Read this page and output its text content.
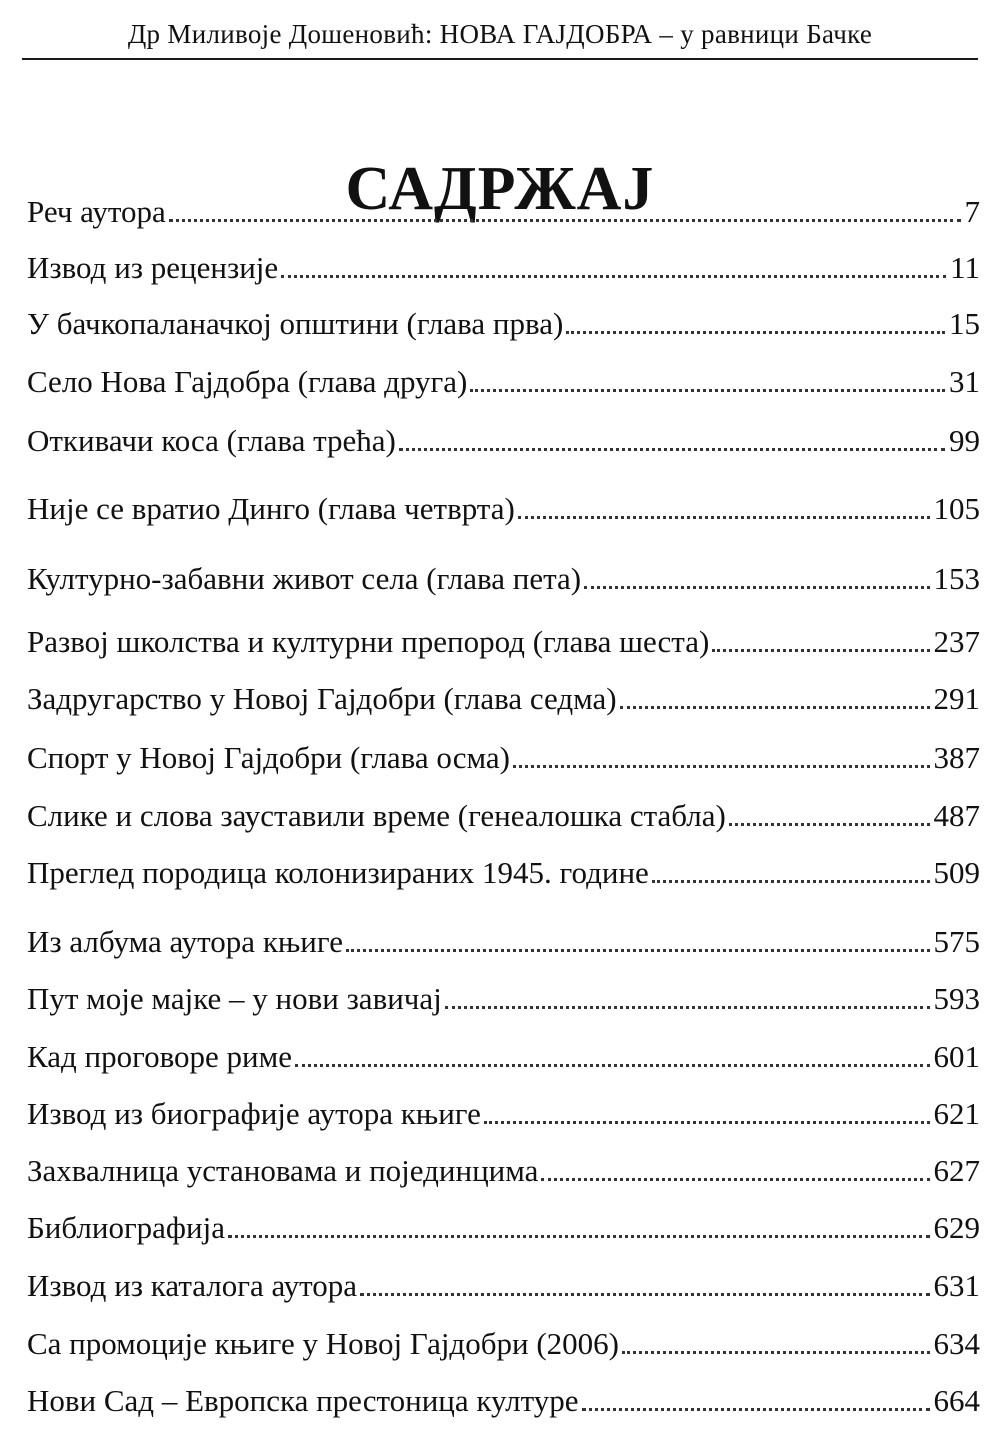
Др Миливоје Дошеновић: НОВА ГАЈДОБРА – у равници Бачке
САДРЖАЈ
Реч аутора	7
Извод из рецензије	11
У бачкопаланачкој општини (глава прва)	15
Село Нова Гајдобра (глава друга)	31
Откивачи коса (глава трећа)	99
Није се вратио Динго (глава четврта)	105
Културно-забавни живот села (глава пета)	153
Развој школства и културни препород (глава шеста)	237
Задругарство у Новој Гајдобри (глава седма)	291
Спорт у Новој Гајдобри (глава осма)	387
Слике и слова зауставили време (генеалошка стабла)	487
Преглед породица колонизираних 1945. године	509
Из албума аутора књиге	575
Пут моје мајке – у нови завичај	593
Кад проговоре риме	601
Извод из биографије аутора књиге	621
Захвалница установама и појединцима	627
Библиографија	629
Извод из каталога аутора	631
Са промоције књиге у Новој Гајдобри (2006)	634
Нови Сад – Европска престоница културе	664
